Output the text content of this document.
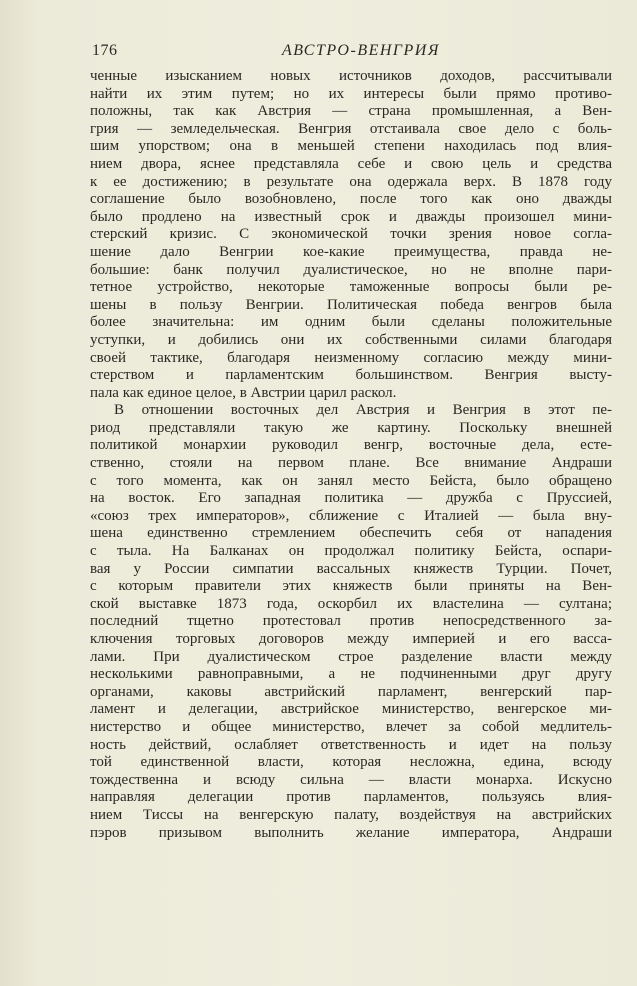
176	АВСТРО-ВЕНГРИЯ
ченные изысканием новых источников доходов, рассчитывали
найти их этим путем; но их интересы были прямо противо-
положны, так как Австрия — страна промышленная, а Вен-
грия — земледельческая. Венгрия отстаивала свое дело с боль-
шим упорством; она в меньшей степени находилась под влия-
нием двора, яснее представляла себе и свою цель и средства
к ее достижению; в результате она одержала верх. В 1878 году
соглашение было возобновлено, после того как оно дважды
было продлено на известный срок и дважды произошел мини-
стерский кризис. С экономической точки зрения новое согла-
шение дало Венгрии кое-какие преимущества, правда не-
большие: банк получил дуалистическое, но не вполне пари-
тетное устройство, некоторые таможенные вопросы были ре-
шены в пользу Венгрии. Политическая победа венгров была
более значительна: им одним были сделаны положительные
уступки, и добились они их собственными силами благодаря
своей тактике, благодаря неизменному согласию между мини-
стерством и парламентским большинством. Венгрия высту-
пала как единое целое, в Австрии царил раскол.
В отношении восточных дел Австрия и Венгрия в этот пе-
риод представляли такую же картину. Поскольку внешней
политикой монархии руководил венгр, восточные дела, есте-
ственно, стояли на первом плане. Все внимание Андраши
с того момента, как он занял место Бейста, было обращено
на восток. Его западная политика — дружба с Пруссией,
«союз трех императоров», сближение с Италией — была вну-
шена единственно стремлением обеспечить себя от нападения
с тыла. На Балканах он продолжал политику Бейста, оспари-
вая у России симпатии вассальных княжеств Турции. Почет,
с которым правители этих княжеств были приняты на Вен-
ской выставке 1873 года, оскорбил их властелина — султана;
последний тщетно протестовал против непосредственного за-
ключения торговых договоров между империей и его васса-
лами. При дуалистическом строе разделение власти между
несколькими равноправными, а не подчиненными друг другу
органами, каковы австрийский парламент, венгерский пар-
ламент и делегации, австрийское министерство, венгерское ми-
нистерство и общее министерство, влечет за собой медлитель-
ность действий, ослабляет ответственность и идет на пользу
той единственной власти, которая несложна, едина, всюду
тождественна и всюду сильна — власти монарха. Искусно
направляя делегации против парламентов, пользуясь влия-
нием Тиссы на венгерскую палату, воздействуя на австрийских
пэров призывом выполнить желание императора, Андраши
